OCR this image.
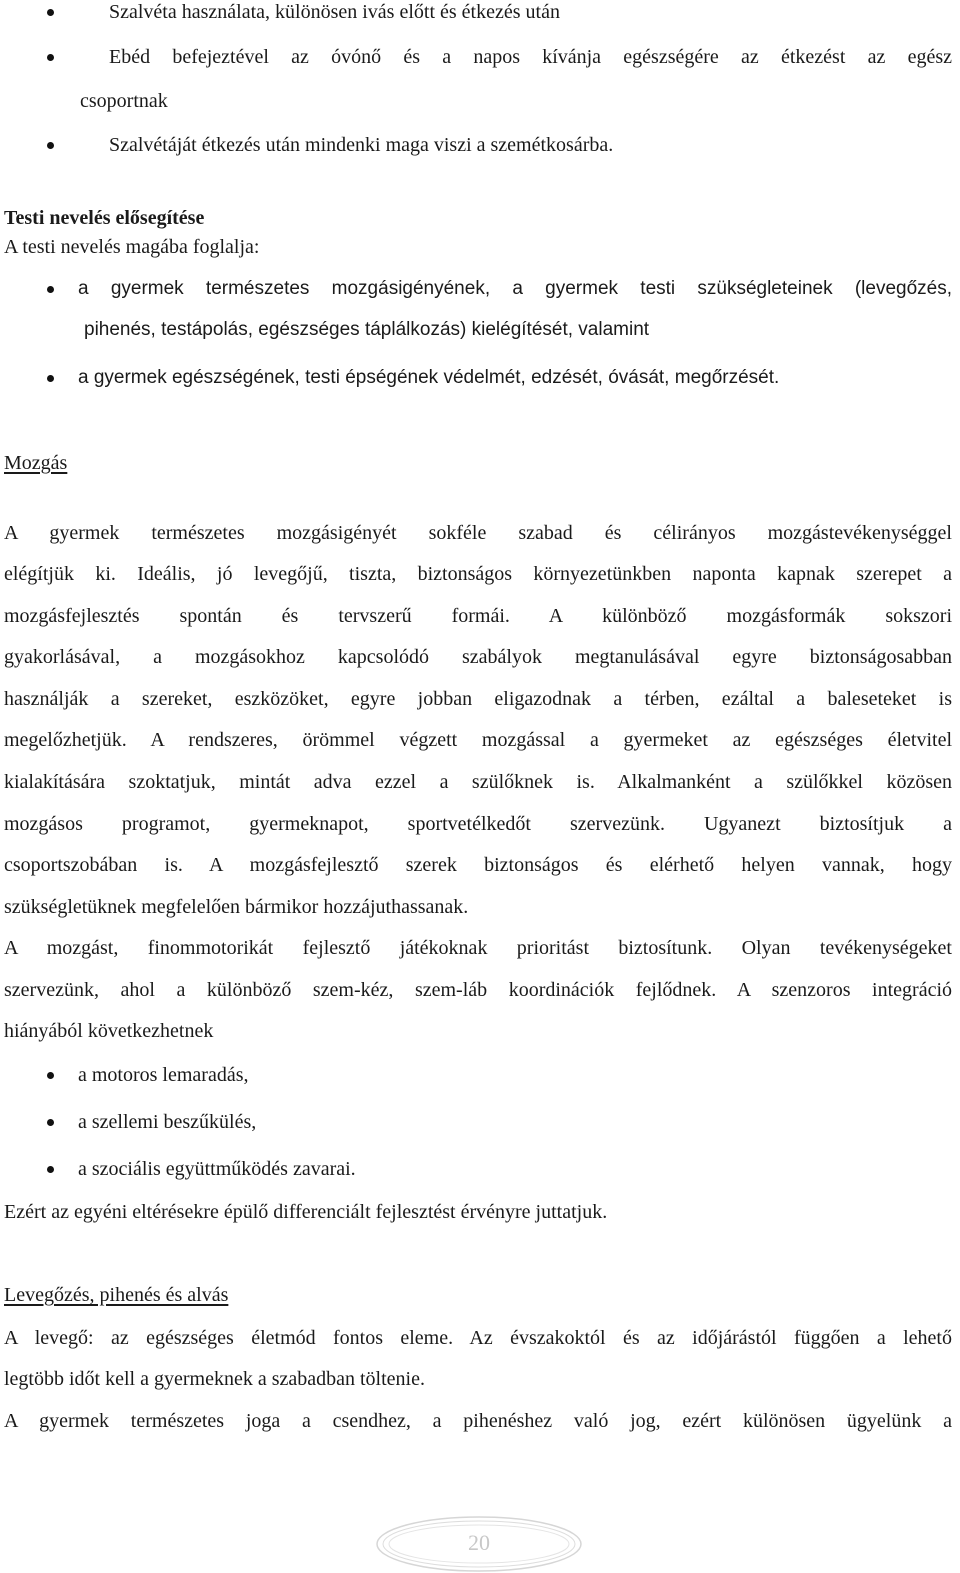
Szalvéta használata, különösen ivás előtt és étkezés után
Ebéd befejeztével az óvónő és a napos kívánja egészségére az étkezést az egész
csoportnak
Szalvétáját étkezés után mindenki maga viszi a szemétkosárba.
Testi nevelés elősegítése
A testi nevelés magába foglalja:
a gyermek természetes mozgásigényének, a gyermek testi szükségleteinek (levegőzés,
pihenés, testápolás, egészséges táplálkozás) kielégítését, valamint
a gyermek egészségének, testi épségének védelmét, edzését, óvását, megőrzését.
Mozgás
A gyermek természetes mozgásigényét sokféle szabad és célirányos mozgástevékenységgel
elégítjük ki. Ideális, jó levegőjű, tiszta, biztonságos környezetünkben naponta kapnak szerepet a
mozgásfejlesztés spontán és tervszerű formái. A különböző mozgásformák sokszori
gyakorlásával, a mozgásokhoz kapcsolódó szabályok megtanulásával egyre biztonságosabban
használják a szereket, eszközöket, egyre jobban eligazodnak a térben, ezáltal a baleseteket is
megelőzhetjük. A rendszeres, örömmel végzett mozgással a gyermeket az egészséges életvitel
kialakítására szoktatjuk, mintát adva ezzel a szülőknek is. Alkalmanként a szülőkkel közösen
mozgásos programot, gyermeknapot, sportvetélkedőt szervezünk. Ugyanezt biztosítjuk a
csoportszobában is. A mozgásfejlesztő szerek biztonságos és elérhető helyen vannak, hogy
szükségletüknek megfelelően bármikor hozzájuthassanak.
A mozgást, finommotorikát fejlesztő játékoknak prioritást biztosítunk. Olyan tevékenységeket
szervezünk, ahol a különböző szem-kéz, szem-láb koordinációk fejlődnek. A szenzoros integráció
hiányából következhetnek
a motoros lemaradás,
a szellemi beszűkülés,
a szociális együttműködés zavarai.
Ezért az egyéni eltérésekre épülő differenciált fejlesztést érvényre juttatjuk.
Levegőzés, pihenés és alvás
A levegő: az egészséges életmód fontos eleme. Az évszakoktól és az időjárástól függően a lehető
legtöbb időt kell a gyermeknek a szabadban töltenie.
A gyermek természetes joga a csendhez, a pihenéshez való jog, ezért különösen ügyelünk a
20
